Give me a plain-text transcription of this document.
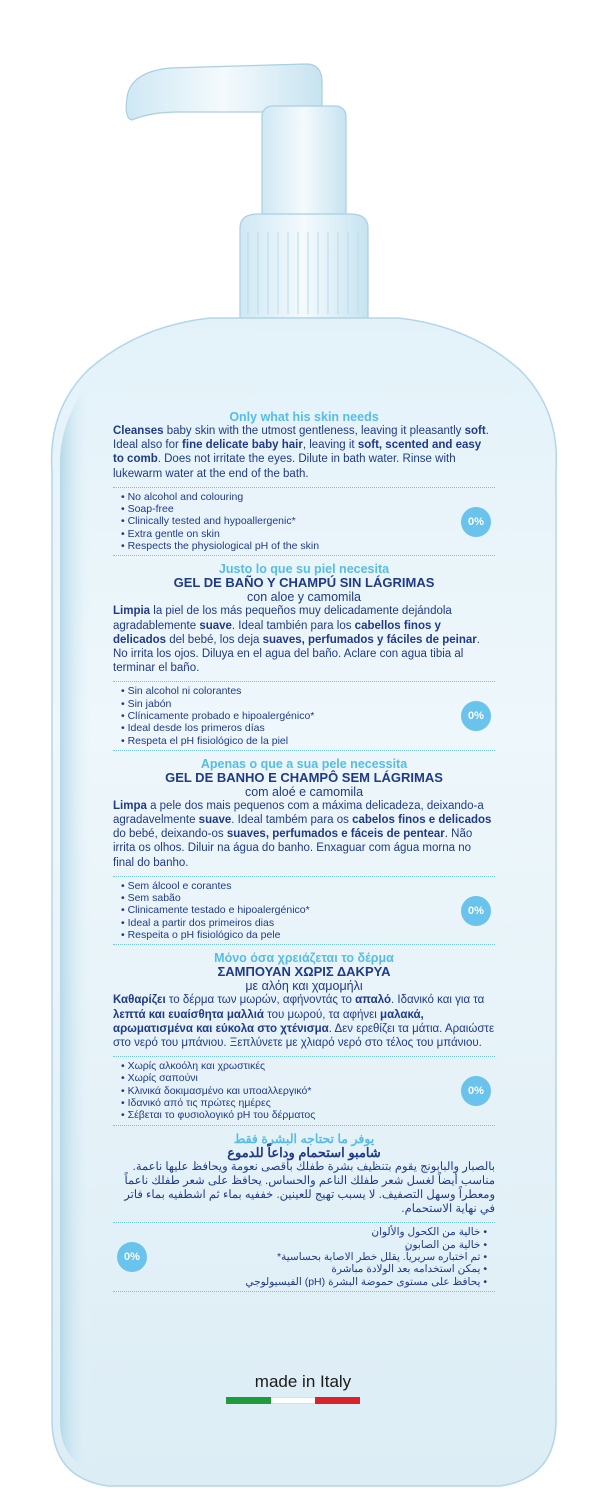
Only what his skin needs

Cleanses baby skin with the utmost gentleness, leaving it pleasantly soft. Ideal also for fine delicate baby hair, leaving it soft, scented and easy to comb. Does not irritate the eyes. Dilute in bath water. Rinse with lukewarm water at the end of the bath.

• No alcohol and colouring
• Soap-free
• Clinically tested and hypoallergenic*
• Extra gentle on skin
• Respects the physiological pH of the skin
0%

Justo lo que su piel necesita

GEL DE BAÑO Y CHAMPÚ SIN LÁGRIMAS

con aloe y camomila

Limpia la piel de los más pequeños muy delicadamente dejándola agradablemente suave. Ideal también para los cabellos finos y delicados del bebé, los deja suaves, perfumados y fáciles de peinar. No irrita los ojos. Diluya en el agua del baño. Aclare con agua tibia al terminar el baño.

• Sin alcohol ni colorantes
• Sin jabón
• Clínicamente probado e hipoalergénico*
• Ideal desde los primeros días
• Respeta el pH fisiológico de la piel
0%

Apenas o que a sua pele necessita

GEL DE BANHO E CHAMPÔ SEM LÁGRIMAS

com aloé e camomila

Limpa a pele dos mais pequenos com a máxima delicadeza, deixando-a agradavelmente suave. Ideal também para os cabelos finos e delicados do bebé, deixando-os suaves, perfumados e fáceis de pentear. Não irrita os olhos. Diluir na água do banho. Enxaguar com água morna no final do banho.

• Sem álcool e corantes
• Sem sabão
• Clinicamente testado e hipoalergénico*
• Ideal a partir dos primeiros dias
• Respeita o pH fisiológico da pele
0%

Μόνο όσα χρειάζεται το δέρμα

ΣΑΜΠΟΥΑΝ ΧΩΡΙΣ ΔΑΚΡΥΑ

με αλόη και χαμομήλι

Καθαρίζει το δέρμα των μωρών, αφήνοντάς το απαλό. Ιδανικό και για τα λεπτά και ευαίσθητα μαλλιά του μωρού, τα αφήνει μαλακά, αρωματισμένα και εύκολα στο χτένισμα. Δεν ερεθίζει τα μάτια. Αραιώστε στο νερό του μπάνιου. Ξεπλύνετε με χλιαρό νερό στο τέλος του μπάνιου.

• Χωρίς αλκοόλη και χρωστικές
• Χωρίς σαπούνι
• Κλινικά δοκιμασμένο και υποαλλεργικό*
• Ιδανικό από τις πρώτες ημέρες
• Σέβεται το φυσιολογικό pH του δέρματος
0%

يوفر ما تحتاجه البشرة فقط

شامبو استحمام وداعاً للدموع

بالصبار والبابونج يقوم بتنظيف بشرة طفلك بأقصى نعومة ويحافظ عليها ناعمة. مناسب أيضاً لغسل شعر طفلك الناعم والحساس. يحافظ على شعر طفلك ناعماً ومعطراً وسهل التصفيف. لا يسبب تهيج للعينين. خففيه بماء ثم اشطفيه بماء فاتر في نهاية الاستحمام.

• خالية من الكحول والألوان
• خالية من الصابون
• تم اختباره سريرياً. يقلل خطر الاصابة بحساسية*
• يمكن استخدامه بعد الولادة مباشرة
• يحافظ على مستوى حموضة البشرة (pH) الفيسيولوجي
0%
made in Italy
